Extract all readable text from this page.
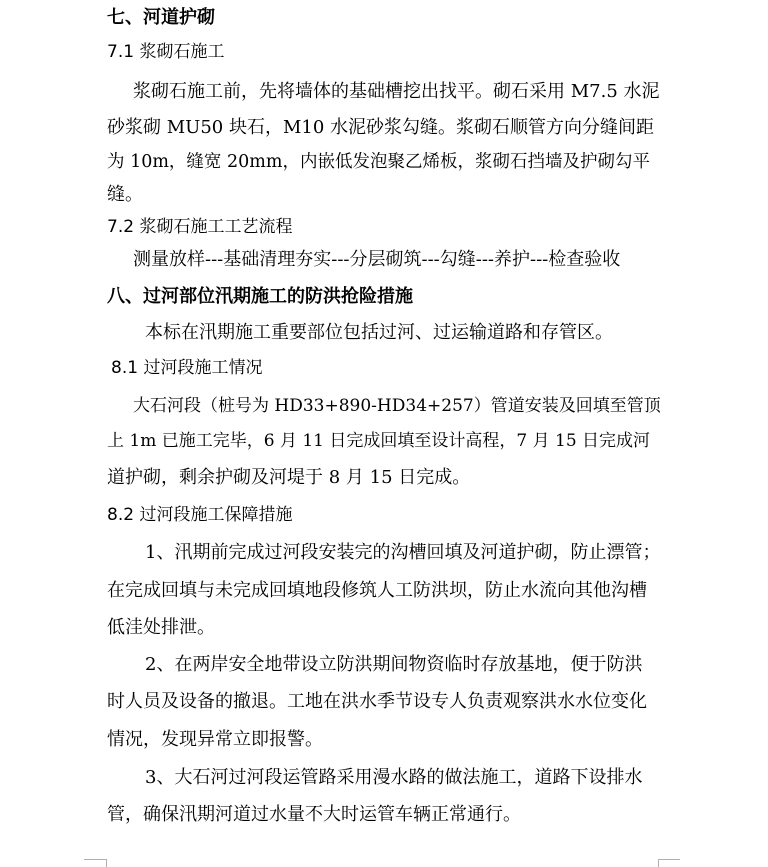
七、河道护砌
7.1 浆砌石施工
浆砌石施工前，先将墙体的基础槽挖出找平。砌石采用 M7.5 水泥
砂浆砌 MU50 块石，M10 水泥砂浆勾缝。浆砌石顺管方向分缝间距
为 10m，缝宽 20mm，内嵌低发泡聚乙烯板，浆砌石挡墙及护砌勾平
缝。
7.2 浆砌石施工工艺流程
测量放样---基础清理夯实---分层砌筑---勾缝---养护---检查验收
八、过河部位汛期施工的防洪抢险措施
本标在汛期施工重要部位包括过河、过运输道路和存管区。
8.1 过河段施工情况
大石河段（桩号为 HD33+890-HD34+257）管道安装及回填至管顶
上 1m 已施工完毕，6 月 11 日完成回填至设计高程，7 月 15 日完成河
道护砌，剩余护砌及河堤于 8 月 15 日完成。
8.2 过河段施工保障措施
1、汛期前完成过河段安装完的沟槽回填及河道护砌，防止漂管；
在完成回填与未完成回填地段修筑人工防洪坝，防止水流向其他沟槽
低洼处排泄。
2、在两岸安全地带设立防洪期间物资临时存放基地，便于防洪
时人员及设备的撤退。工地在洪水季节设专人负责观察洪水水位变化
情况，发现异常立即报警。
3、大石河过河段运管路采用漫水路的做法施工，道路下设排水
管，确保汛期河道过水量不大时运管车辆正常通行。
